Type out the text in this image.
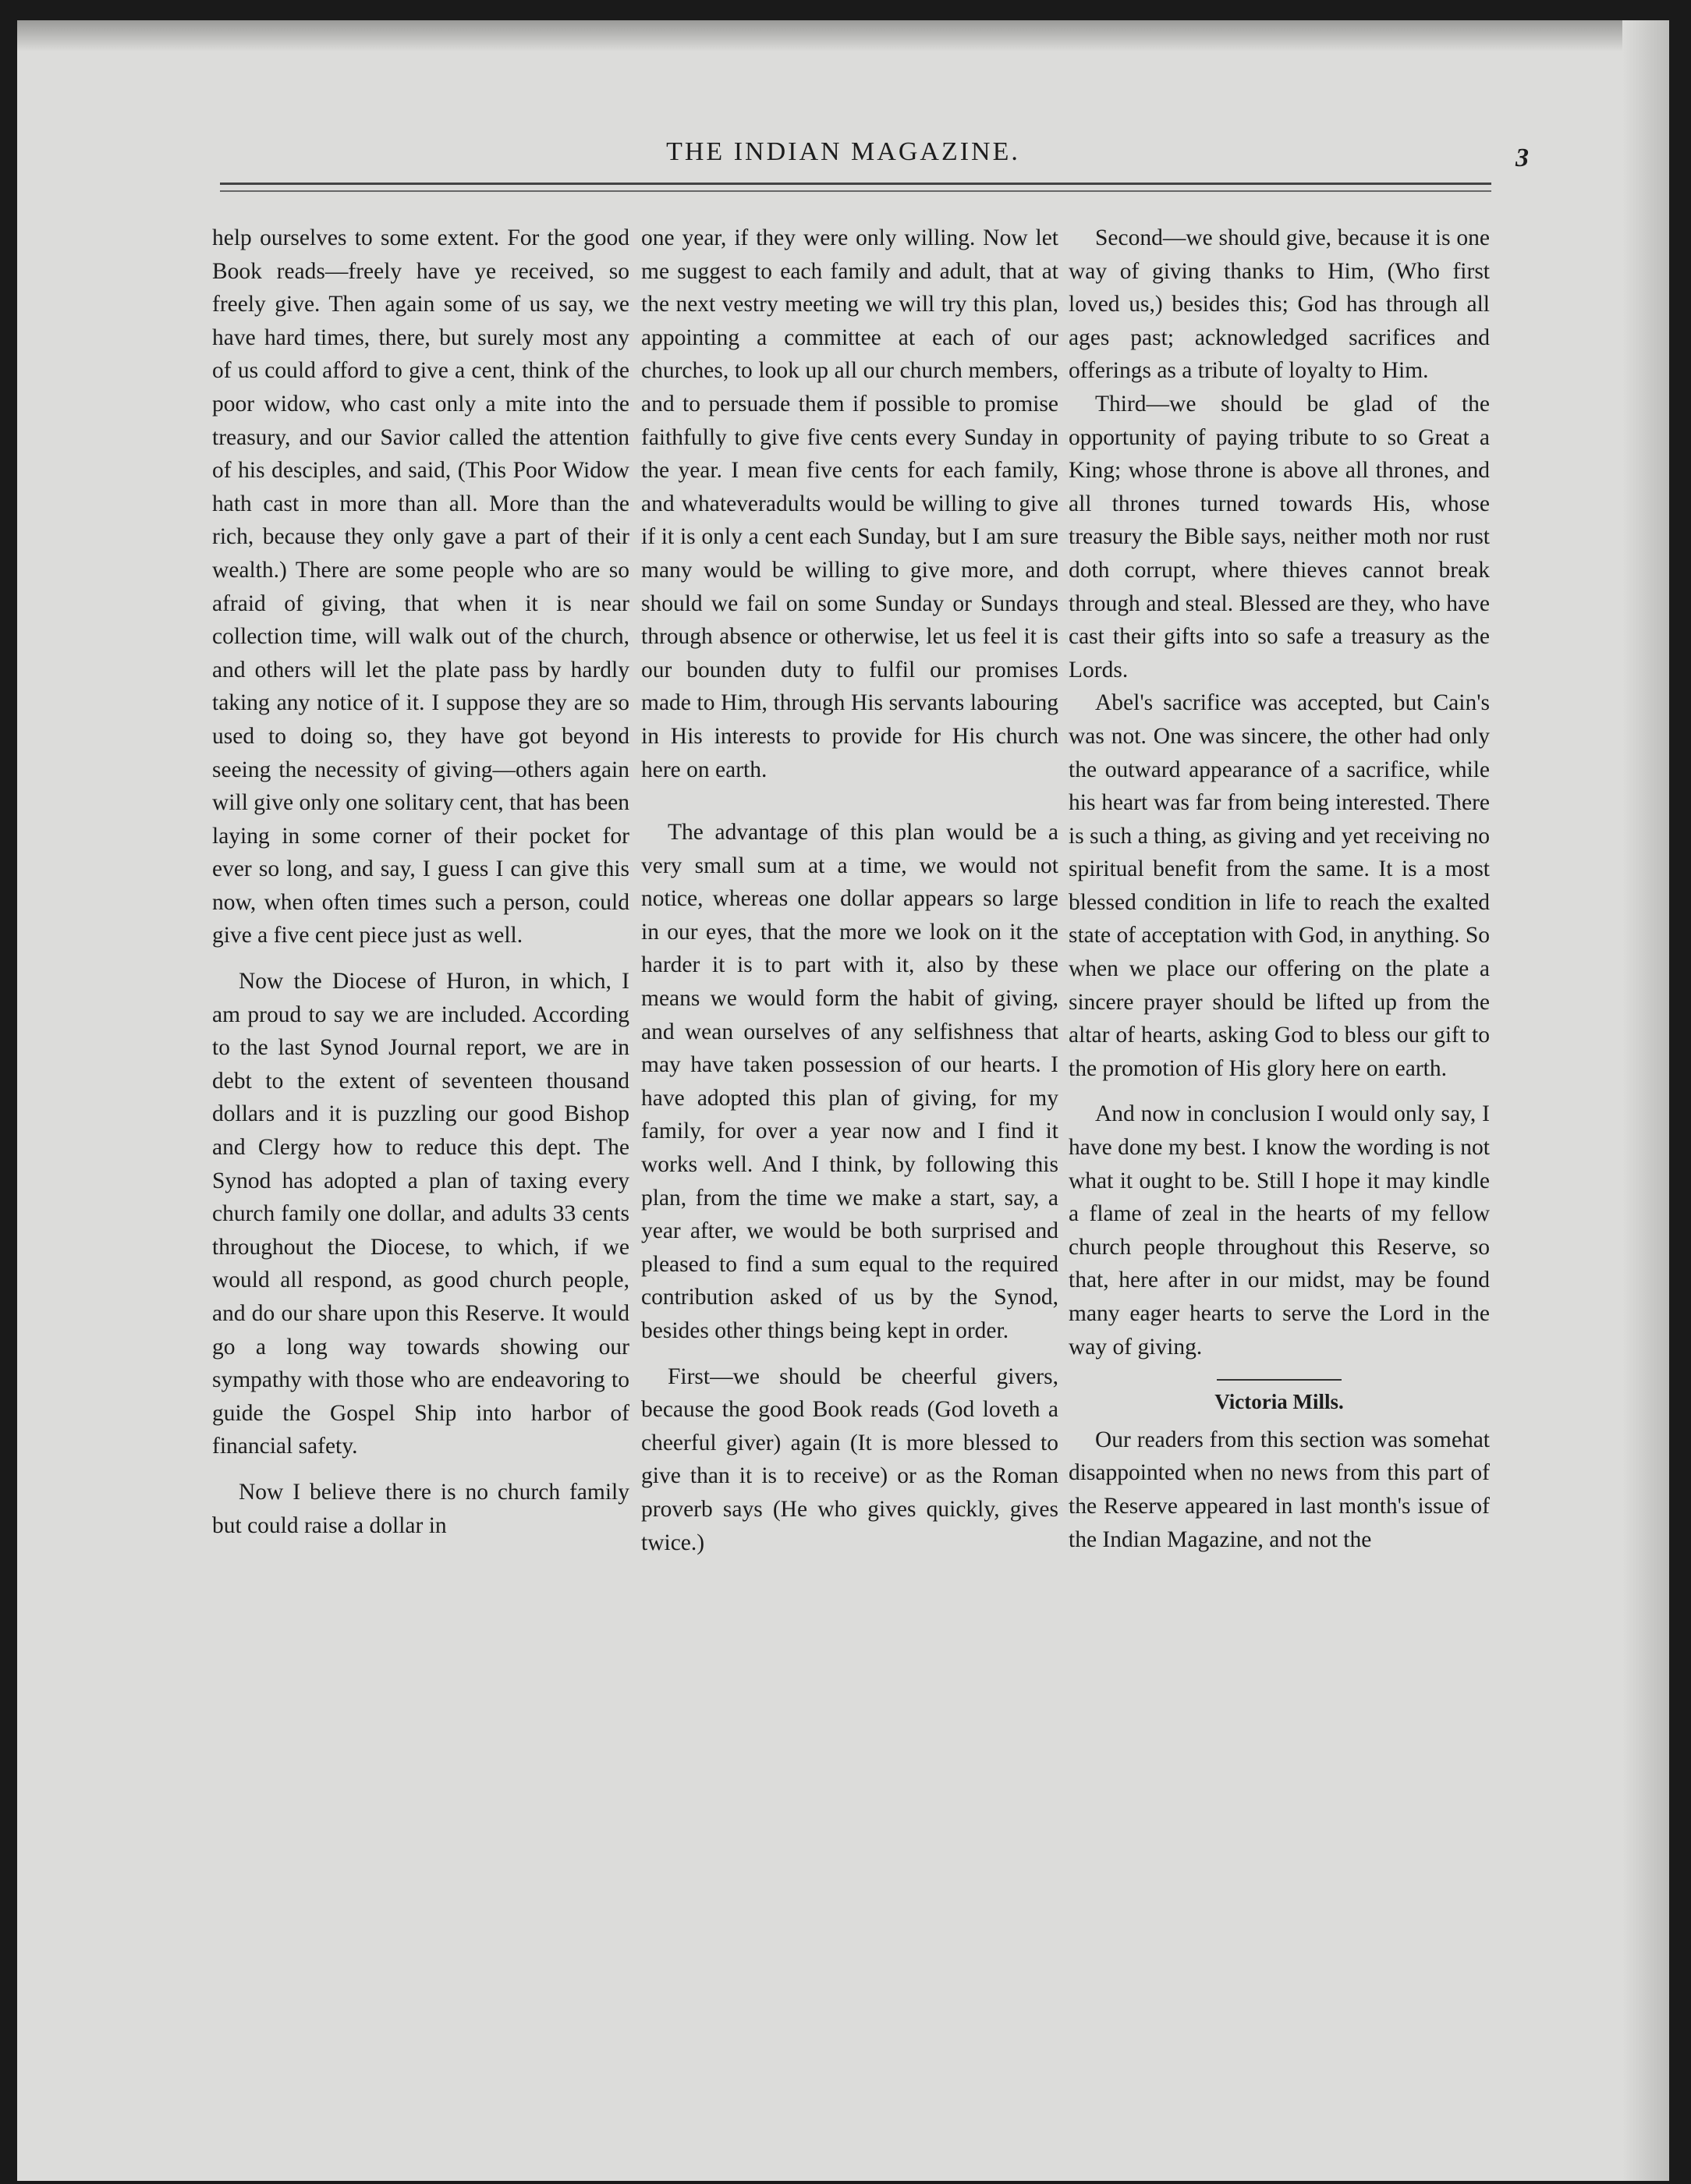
THE INDIAN MAGAZINE.	3

help ourselves to some extent. For the good Book reads—freely have ye received, so freely give. Then again some of us say, we have hard times, there, but surely most any of us could afford to give a cent, think of the poor widow, who cast only a mite into the treasury, and our Savior called the attention of his desciples, and said, (This Poor Widow hath cast in more than all. More than the rich, because they only gave a part of their wealth.) There are some people who are so afraid of giving, that when it is near collection time, will walk out of the church, and others will let the plate pass by hardly taking any notice of it. I suppose they are so used to doing so, they have got beyond seeing the necessity of giving—others again will give only one solitary cent, that has been laying in some corner of their pocket for ever so long, and say, I guess I can give this now, when often times such a person, could give a five cent piece just as well.

Now the Diocese of Huron, in which, I am proud to say we are included. According to the last Synod Journal report, we are in debt to the extent of seventeen thousand dollars and it is puzzling our good Bishop and Clergy how to reduce this dept. The Synod has adopted a plan of taxing every church family one dollar, and adults 33 cents throughout the Diocese, to which, if we would all respond, as good church people, and do our share upon this Reserve. It would go a long way towards showing our sympathy with those who are endeavoring to guide the Gospel Ship into harbor of financial safety.

Now I believe there is no church family but could raise a dollar in

one year, if they were only willing. Now let me suggest to each family and adult, that at the next vestry meeting we will try this plan, appointing a committee at each of our churches, to look up all our church members, and to persuade them if possible to promise faithfully to give five cents every Sunday in the year. I mean five cents for each family, and whateveradults would be willing to give if it is only a cent each Sunday, but I am sure many would be willing to give more, and should we fail on some Sunday or Sundays through absence or otherwise, let us feel it is our bounden duty to fulfil our promises made to Him, through His servants labouring in His interests to provide for His church here on earth.

The advantage of this plan would be a very small sum at a time, we would not notice, whereas one dollar appears so large in our eyes, that the more we look on it the harder it is to part with it, also by these means we would form the habit of giving, and wean ourselves of any selfishness that may have taken possession of our hearts. I have adopted this plan of giving, for my family, for over a year now and I find it works well. And I think, by following this plan, from the time we make a start, say, a year after, we would be both surprised and pleased to find a sum equal to the required contribution asked of us by the Synod, besides other things being kept in order.

First—we should be cheerful givers, because the good Book reads (God loveth a cheerful giver) again (It is more blessed to give than it is to receive) or as the Roman proverb says (He who gives quickly, gives twice.)

Second—we should give, because it is one way of giving thanks to Him, (Who first loved us,) besides this; God has through all ages past; acknowledged sacrifices and offerings as a tribute of loyalty to Him.

Third—we should be glad of the opportunity of paying tribute to so Great a King; whose throne is above all thrones, and all thrones turned towards His, whose treasury the Bible says, neither moth nor rust doth corrupt, where thieves cannot break through and steal. Blessed are they, who have cast their gifts into so safe a treasury as the Lords.

Abel's sacrifice was accepted, but Cain's was not. One was sincere, the other had only the outward appearance of a sacrifice, while his heart was far from being interested. There is such a thing, as giving and yet receiving no spiritual benefit from the same. It is a most blessed condition in life to reach the exalted state of acceptation with God, in anything. So when we place our offering on the plate a sincere prayer should be lifted up from the altar of hearts, asking God to bless our gift to the promotion of His glory here on earth.

And now in conclusion I would only say, I have done my best. I know the wording is not what it ought to be. Still I hope it may kindle a flame of zeal in the hearts of my fellow church people throughout this Reserve, so that, here after in our midst, may be found many eager hearts to serve the Lord in the way of giving.

Victoria Mills.

Our readers from this section was somehat disappointed when no news from this part of the Reserve appeared in last month's issue of the Indian Magazine, and not the
